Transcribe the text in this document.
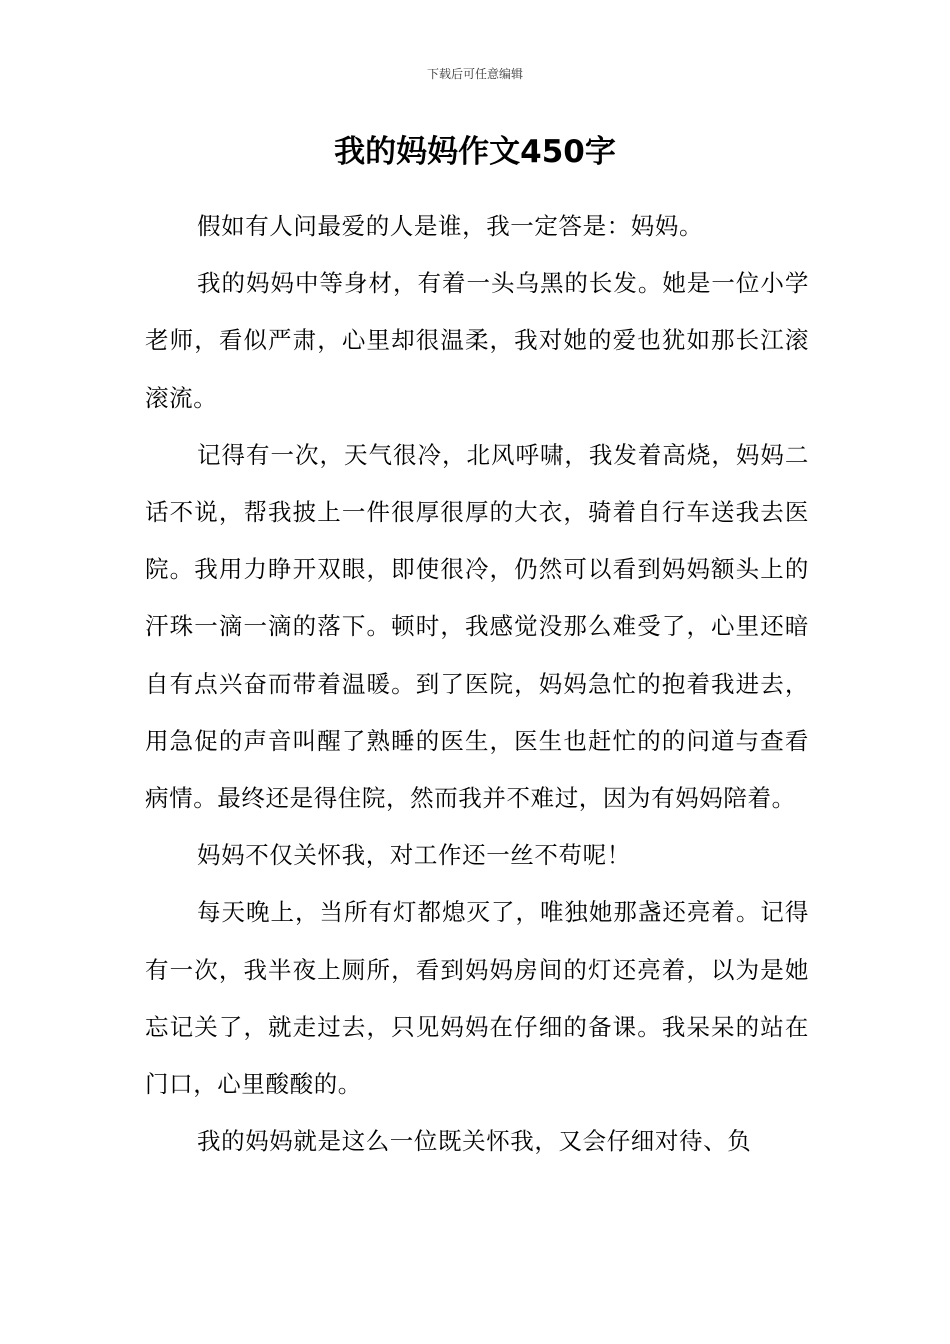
下载后可任意编辑
我的妈妈作文450字

假如有人问最爱的人是谁，我一定答是：妈妈。

我的妈妈中等身材，有着一头乌黑的长发。她是一位小学老师，看似严肃，心里却很温柔，我对她的爱也犹如那长江滚滚流。

记得有一次，天气很冷，北风呼啸，我发着高烧，妈妈二话不说，帮我披上一件很厚很厚的大衣，骑着自行车送我去医院。我用力睁开双眼，即使很冷，仍然可以看到妈妈额头上的汗珠一滴一滴的落下。顿时，我感觉没那么难受了，心里还暗自有点兴奋而带着温暖。到了医院，妈妈急忙的抱着我进去，用急促的声音叫醒了熟睡的医生，医生也赶忙的的问道与查看病情。最终还是得住院，然而我并不难过，因为有妈妈陪着。

妈妈不仅关怀我，对工作还一丝不苟呢！

每天晚上，当所有灯都熄灭了，唯独她那盏还亮着。记得有一次，我半夜上厕所，看到妈妈房间的灯还亮着，以为是她忘记关了，就走过去，只见妈妈在仔细的备课。我呆呆的站在门口，心里酸酸的。

我的妈妈就是这么一位既关怀我，又会仔细对待、负
